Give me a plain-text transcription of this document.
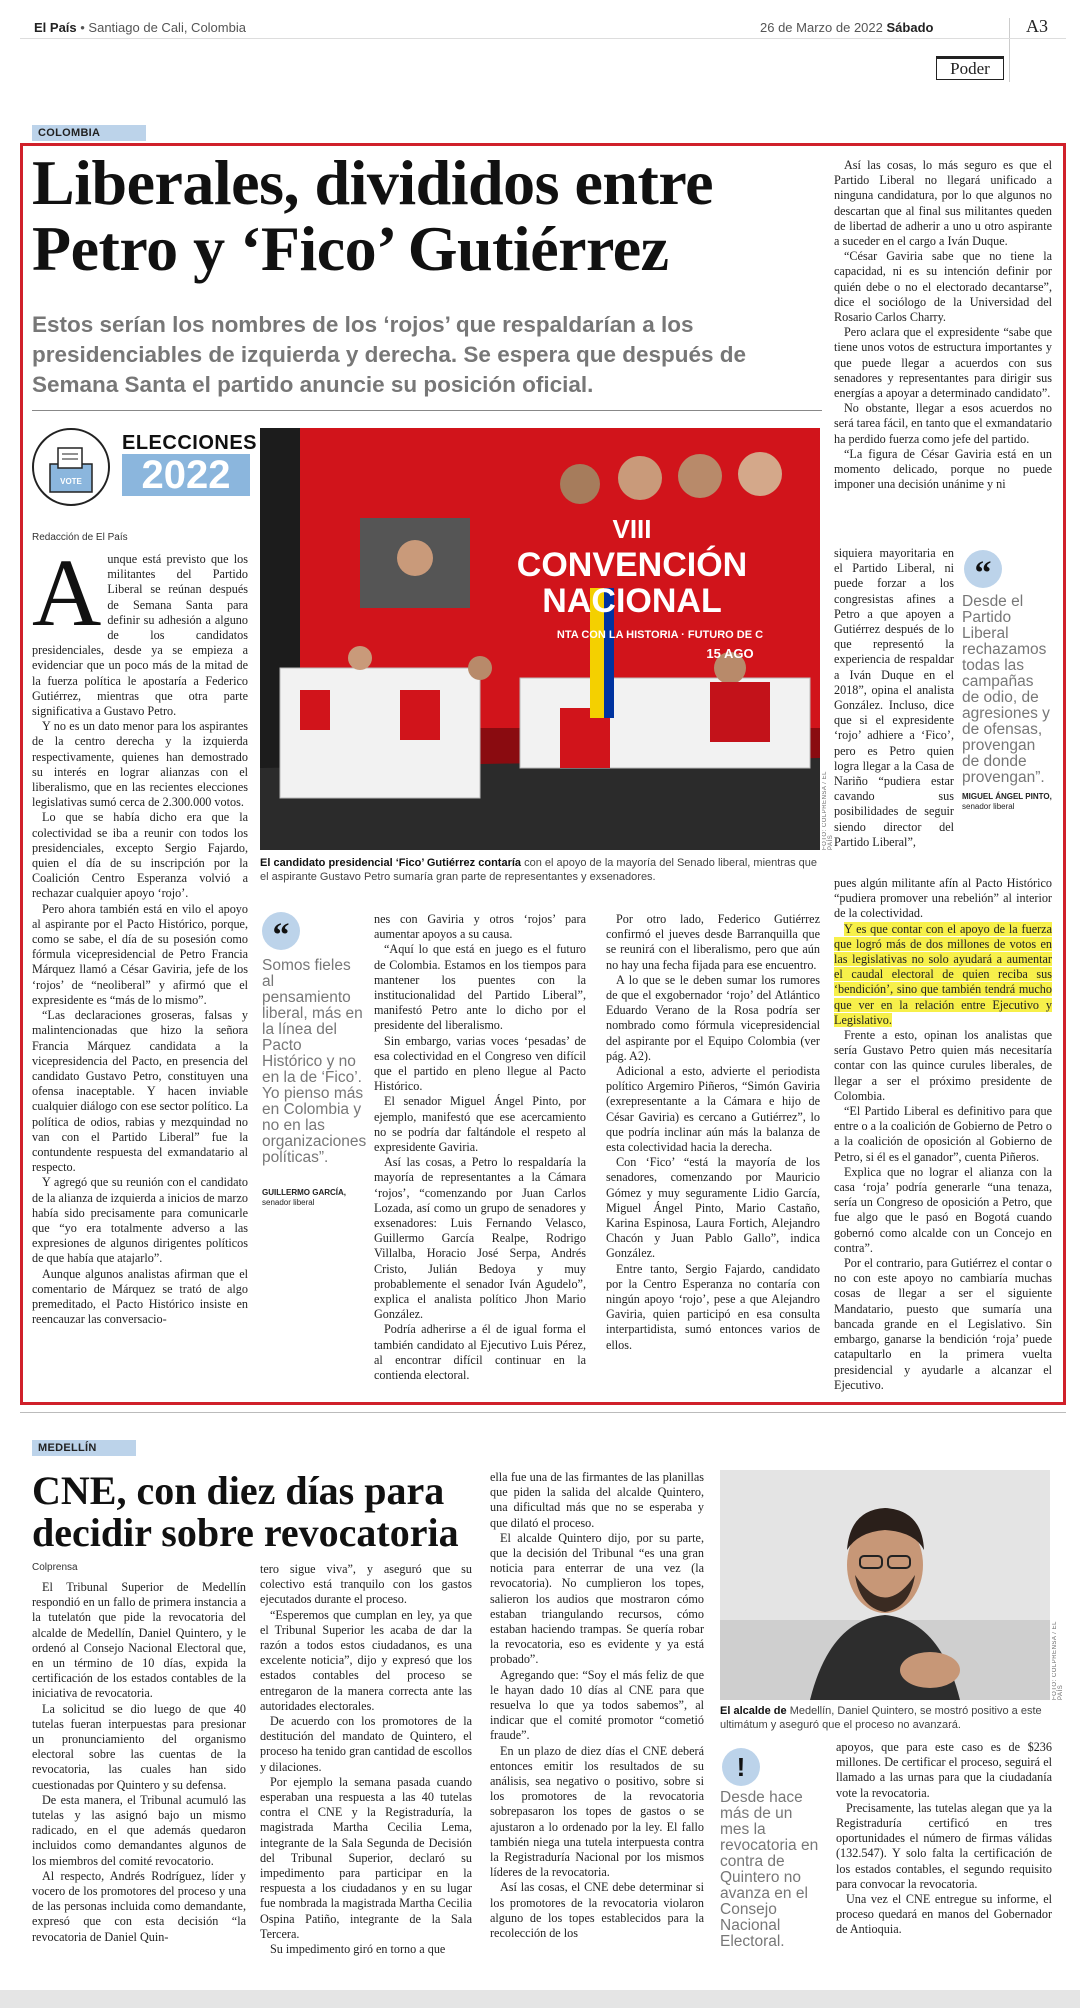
El País • Santiago de Cali, Colombia	26 de Marzo de 2022 Sábado	A3
Poder
COLOMBIA
Liberales, divididos entre Petro y ‘Fico’ Gutiérrez
Estos serían los nombres de los ‘rojos’ que respaldarían a los presidenciables de izquierda y derecha. Se espera que después de Semana Santa el partido anuncie su posición oficial.
VOTE
ELECCIONES
2022
Redacción de El País
A unque está previsto que los militantes del Partido Liberal se reúnan después de Semana Santa para definir su adhesión a alguno de los candidatos presidenciales, desde ya se empieza a evidenciar que un poco más de la mitad de la fuerza política le apostaría a Federico Gutiérrez, mientras que otra parte significativa a Gustavo Petro.

Y no es un dato menor para los aspirantes de la centro derecha y la izquierda respectivamente, quienes han demostrado su interés en lograr alianzas con el liberalismo, que en las recientes elecciones legislativas sumó cerca de 2.300.000 votos.

Lo que se había dicho era que la colectividad se iba a reunir con todos los presidenciales, excepto Sergio Fajardo, quien el día de su inscripción por la Coalición Centro Esperanza volvió a rechazar cualquier apoyo ‘rojo’.

Pero ahora también está en vilo el apoyo al aspirante por el Pacto Histórico, porque, como se sabe, el día de su posesión como fórmula vicepresidencial de Petro Francia Márquez llamó a César Gaviria, jefe de los ‘rojos’ de “neoliberal” y afirmó que el expresidente es “más de lo mismo”.

“Las declaraciones groseras, falsas y malintencionadas que hizo la señora Francia Márquez candidata a la vicepresidencia del Pacto, en presencia del candidato Gustavo Petro, constituyen una ofensa inaceptable. Y hacen inviable cualquier diálogo con ese sector político. La política de odios, rabias y mezquindad no van con el Partido Liberal” fue la contundente respuesta del exmandatario al respecto.

Y agregó que su reunión con el candidato de la alianza de izquierda a inicios de marzo había sido precisamente para comunicarle que “yo era totalmente adverso a las expresiones de algunos dirigentes políticos de que había que atajarlo”.

Aunque algunos analistas afirman que el comentario de Márquez se trató de algo premeditado, el Pacto Histórico insiste en reencauzar las conversacio-

VIII
CONVENCIÓN
NACIONAL
NTA CON LA HISTORIA · FUTURO DE C
15 AGO
FOTO: COLPRENSA / EL PAÍS
El candidato presidencial ‘Fico’ Gutiérrez contaría con el apoyo de la mayoría del Senado liberal, mientras que el aspirante Gustavo Petro sumaría gran parte de representantes y exsenadores.
“
Somos fieles al pensamiento liberal, más en la línea del Pacto Histórico y no en la de ‘Fico’. Yo pienso más en Colombia y no en las organizaciones políticas”.
GUILLERMO GARCÍA,
senador liberal

nes con Gaviria y otros ‘rojos’ para aumentar apoyos a su causa.

“Aquí lo que está en juego es el futuro de Colombia. Estamos en los tiempos para mantener los puentes con la institucionalidad del Partido Liberal”, manifestó Petro ante lo dicho por el presidente del liberalismo.

Sin embargo, varias voces ‘pesadas’ de esa colectividad en el Congreso ven difícil que el partido en pleno llegue al Pacto Histórico.

El senador Miguel Ángel Pinto, por ejemplo, manifestó que ese acercamiento no se podría dar faltándole el respeto al expresidente Gaviria.

Así las cosas, a Petro lo respaldaría la mayoría de representantes a la Cámara ‘rojos’, “comenzando por Juan Carlos Lozada, así como un grupo de senadores y exsenadores: Luis Fernando Velasco, Guillermo García Realpe, Rodrigo Villalba, Horacio José Serpa, Andrés Cristo, Julián Bedoya y muy probablemente el senador Iván Agudelo”, explica el analista político Jhon Mario González.

Podría adherirse a él de igual forma el también candidato al Ejecutivo Luis Pérez, al encontrar difícil continuar en la contienda electoral.

Por otro lado, Federico Gutiérrez confirmó el jueves desde Barranquilla que se reunirá con el liberalismo, pero que aún no hay una fecha fijada para ese encuentro.

A lo que se le deben sumar los rumores de que el exgobernador ‘rojo’ del Atlántico Eduardo Verano de la Rosa podría ser nombrado como fórmula vicepresidencial del aspirante por el Equipo Colombia (ver pág. A2).

Adicional a esto, advierte el periodista político Argemiro Piñeros, “Simón Gaviria (exrepresentante a la Cámara e hijo de César Gaviria) es cercano a Gutiérrez”, lo que podría inclinar aún más la balanza de esta colectividad hacia la derecha.

Con ‘Fico’ “está la mayoría de los senadores, comenzando por Mauricio Gómez y muy seguramente Lidio García, Miguel Ángel Pinto, Mario Castaño, Karina Espinosa, Laura Fortich, Alejandro Chacón y Juan Pablo Gallo”, indica González.

Entre tanto, Sergio Fajardo, candidato por la Centro Esperanza no contaría con ningún apoyo ‘rojo’, pese a que Alejandro Gaviria, quien participó en esa consulta interpartidista, sumó entonces varios de ellos.

Así las cosas, lo más seguro es que el Partido Liberal no llegará unificado a ninguna candidatura, por lo que algunos no descartan que al final sus militantes queden de libertad de adherir a uno u otro aspirante a suceder en el cargo a Iván Duque.

“César Gaviria sabe que no tiene la capacidad, ni es su intención definir por quién debe o no el electorado decantarse”, dice el sociólogo de la Universidad del Rosario Carlos Charry.

Pero aclara que el expresidente “sabe que tiene unos votos de estructura importantes y que puede llegar a acuerdos con sus senadores y representantes para dirigir sus energías a apoyar a determinado candidato”.

No obstante, llegar a esos acuerdos no será tarea fácil, en tanto que el exmandatario ha perdido fuerza como jefe del partido.

“La figura de César Gaviria está en un momento delicado, porque no puede imponer una decisión unánime y ni

siquiera mayoritaria en el Partido Liberal, ni puede forzar a los congresistas afines a Petro a que apoyen a Gutiérrez después de lo que representó la experiencia de respaldar a Iván Duque en el 2018”, opina el analista González. Incluso, dice que si el expresidente ‘rojo’ adhiere a ‘Fico’, pero es Petro quien logra llegar a la Casa de Nariño “pudiera estar cavando sus posibilidades de seguir siendo director del Partido Liberal”,

“
Desde el Partido Liberal rechazamos todas las campañas de odio, de agresiones y de ofensas, provengan de donde provengan”.
MIGUEL ÁNGEL PINTO,
senador liberal

pues algún militante afín al Pacto Histórico “pudiera promover una rebelión” al interior de la colectividad.

Y es que contar con el apoyo de la fuerza que logró más de dos millones de votos en las legislativas no solo ayudará a aumentar el caudal electoral de quien reciba sus ‘bendición’, sino que también tendrá mucho que ver en la relación entre Ejecutivo y Legislativo.

Frente a esto, opinan los analistas que sería Gustavo Petro quien más necesitaría contar con las quince curules liberales, de llegar a ser el próximo presidente de Colombia.

“El Partido Liberal es definitivo para que entre o a la coalición de Gobierno de Petro o a la coalición de oposición al Gobierno de Petro, si él es el ganador”, cuenta Piñeros.

Explica que no lograr el alianza con la casa ‘roja’ podría generarle “una tenaza, sería un Congreso de oposición a Petro, que fue algo que le pasó en Bogotá cuando gobernó como alcalde con un Concejo en contra”.

Por el contrario, para Gutiérrez el contar o no con este apoyo no cambiaría muchas cosas de llegar a ser el siguiente Mandatario, puesto que sumaría una bancada grande en el Legislativo. Sin embargo, ganarse la bendición ‘roja’ puede catapultarlo en la primera vuelta presidencial y ayudarle a alcanzar el Ejecutivo.

MEDELLÍN
CNE, con diez días para decidir sobre revocatoria
Colprensa

El Tribunal Superior de Medellín respondió en un fallo de primera instancia a la tutelatón que pide la revocatoria del alcalde de Medellín, Daniel Quintero, y le ordenó al Consejo Nacional Electoral que, en un término de 10 días, expida la certificación de los estados contables de la iniciativa de revocatoria.

La solicitud se dio luego de que 40 tutelas fueran interpuestas para presionar un pronunciamiento del organismo electoral sobre las cuentas de la revocatoria, las cuales han sido cuestionadas por Quintero y su defensa.

De esta manera, el Tribunal acumuló las tutelas y las asignó bajo un mismo radicado, en el que además quedaron incluidos como demandantes algunos de los miembros del comité revocatorio.

Al respecto, Andrés Rodríguez, líder y vocero de los promotores del proceso y una de las personas incluida como demandante, expresó que con esta decisión “la revocatoria de Daniel Quin-

tero sigue viva”, y aseguró que su colectivo está tranquilo con los gastos ejecutados durante el proceso.

“Esperemos que cumplan en ley, ya que el Tribunal Superior les acaba de dar la razón a todos estos ciudadanos, es una excelente noticia”, dijo y expresó que los estados contables del proceso se entregaron de la manera correcta ante las autoridades electorales.

De acuerdo con los promotores de la destitución del mandato de Quintero, el proceso ha tenido gran cantidad de escollos y dilaciones.

Por ejemplo la semana pasada cuando esperaban una respuesta a las 40 tutelas contra el CNE y la Registraduría, la magistrada Martha Cecilia Lema, integrante de la Sala Segunda de Decisión del Tribunal Superior, declaró su impedimento para participar en la respuesta a los ciudadanos y en su lugar fue nombrada la magistrada Martha Cecilia Ospina Patiño, integrante de la Sala Tercera.

Su impedimento giró en torno a que

ella fue una de las firmantes de las planillas que piden la salida del alcalde Quintero, una dificultad más que no se esperaba y que dilató el proceso.

El alcalde Quintero dijo, por su parte, que la decisión del Tribunal “es una gran noticia para enterrar de una vez (la revocatoria). No cumplieron los topes, salieron los audios que mostraron cómo estaban triangulando recursos, cómo estaban haciendo trampas. Se quería robar la revocatoria, eso es evidente y ya está probado”.

Agregando que: “Soy el más feliz de que le hayan dado 10 días al CNE para que resuelva lo que ya todos sabemos”, al indicar que el comité promotor “cometió fraude”.

En un plazo de diez días el CNE deberá entonces emitir los resultados de su análisis, sea negativo o positivo, sobre si los promotores de la revocatoria sobrepasaron los topes de gastos o se ajustaron a lo ordenado por la ley. El fallo también niega una tutela interpuesta contra la Registraduría Nacional por los mismos líderes de la revocatoria.

Así las cosas, el CNE debe determinar si los promotores de la revocatoria violaron alguno de los topes establecidos para la recolección de los

FOTO: COLPRENSA / EL PAÍS
El alcalde de Medellín, Daniel Quintero, se mostró positivo a este ultimátum y aseguró que el proceso no avanzará.
!
Desde hace más de un mes la revocatoria en contra de Quintero no avanza en el Consejo Nacional Electoral.

apoyos, que para este caso es de $236 millones. De certificar el proceso, seguirá el llamado a las urnas para que la ciudadanía vote la revocatoria.

Precisamente, las tutelas alegan que ya la Registraduría certificó en tres oportunidades el número de firmas válidas (132.547). Y solo falta la certificación de los estados contables, el segundo requisito para convocar la revocatoria.

Una vez el CNE entregue su informe, el proceso quedará en manos del Gobernador de Antioquia.
